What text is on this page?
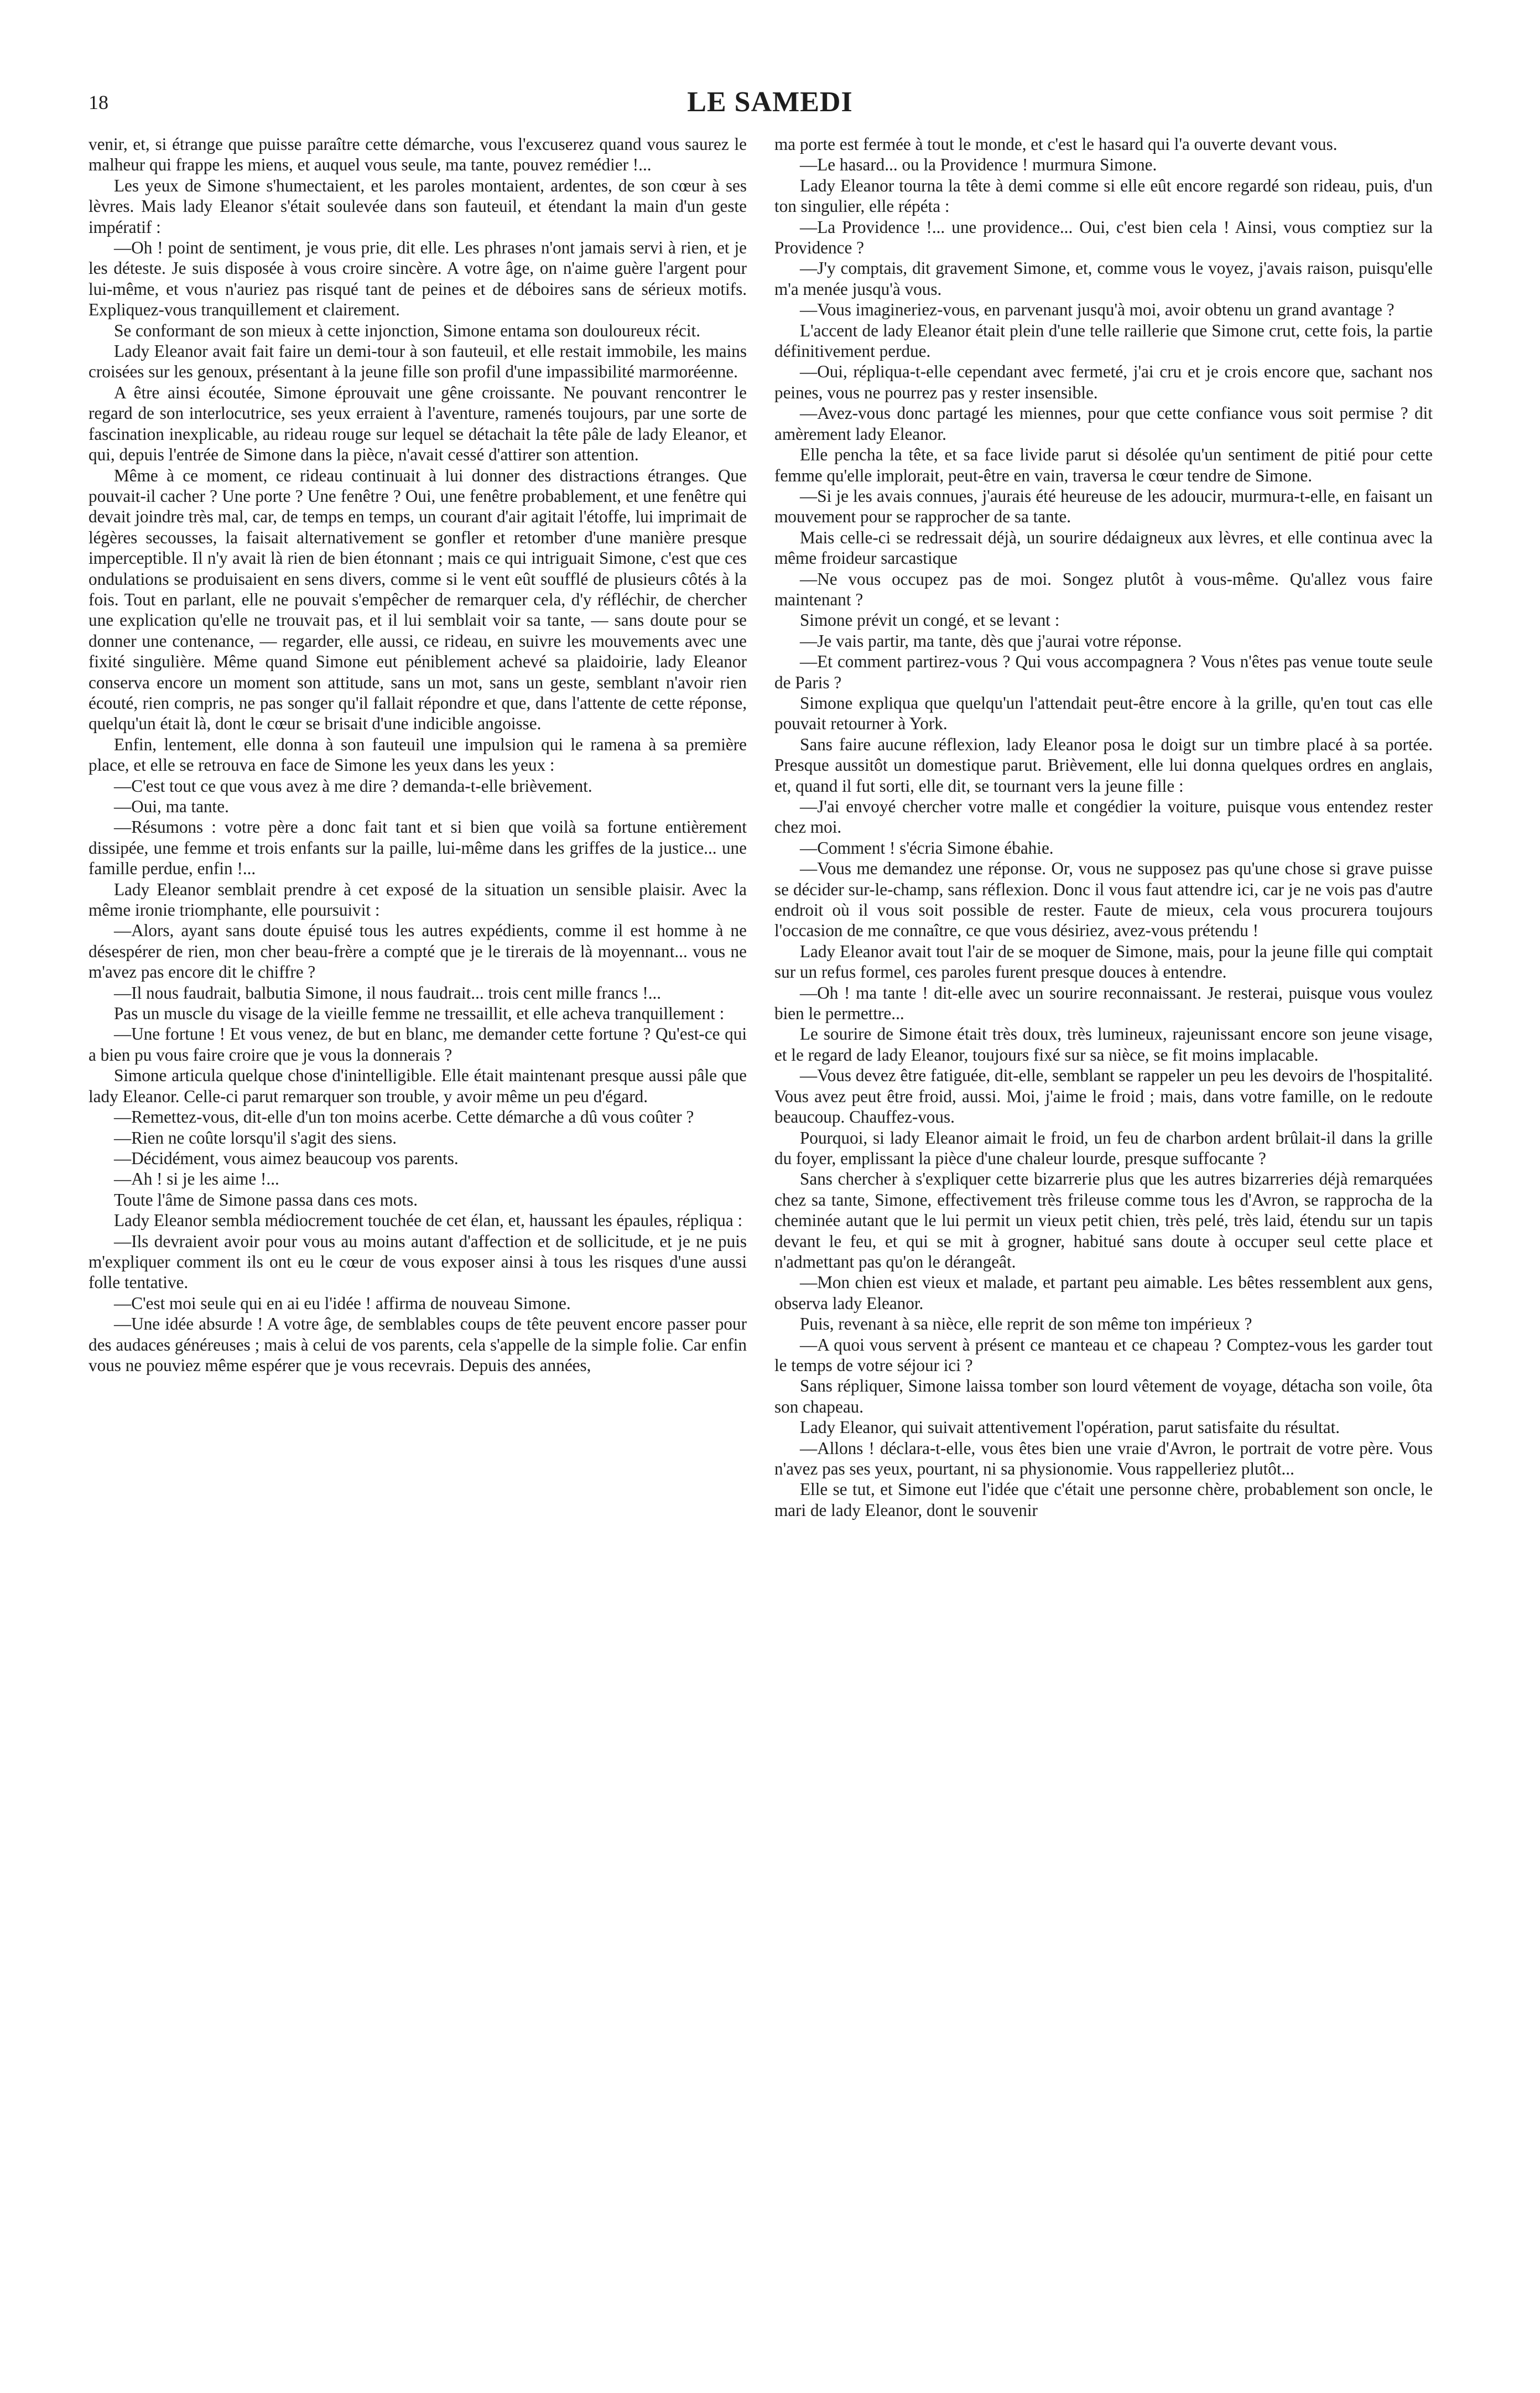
18	LE SAMEDI

venir, et, si étrange que puisse paraître cette démarche, vous l'excuserez quand vous saurez le malheur qui frappe les miens, et auquel vous seule, ma tante, pouvez remédier !...

Les yeux de Simone s'humectaient, et les paroles montaient, ardentes, de son cœur à ses lèvres. Mais lady Eleanor s'était soulevée dans son fauteuil, et étendant la main d'un geste impératif :

—Oh ! point de sentiment, je vous prie, dit elle. Les phrases n'ont jamais servi à rien, et je les déteste. Je suis disposée à vous croire sincère. A votre âge, on n'aime guère l'argent pour lui-même, et vous n'auriez pas risqué tant de peines et de déboires sans de sérieux motifs. Expliquez-vous tranquillement et clairement.

Se conformant de son mieux à cette injonction, Simone entama son douloureux récit.

Lady Eleanor avait fait faire un demi-tour à son fauteuil, et elle restait immobile, les mains croisées sur les genoux, présentant à la jeune fille son profil d'une impassibilité marmoréenne.

A être ainsi écoutée, Simone éprouvait une gêne croissante. Ne pouvant rencontrer le regard de son interlocutrice, ses yeux erraient à l'aventure, ramenés toujours, par une sorte de fascination inexplicable, au rideau rouge sur lequel se détachait la tête pâle de lady Eleanor, et qui, depuis l'entrée de Simone dans la pièce, n'avait cessé d'attirer son attention.

Même à ce moment, ce rideau continuait à lui donner des distractions étranges. Que pouvait-il cacher ? Une porte ? Une fenêtre ? Oui, une fenêtre probablement, et une fenêtre qui devait joindre très mal, car, de temps en temps, un courant d'air agitait l'étoffe, lui imprimait de légères secousses, la faisait alternativement se gonfler et retomber d'une manière presque imperceptible. Il n'y avait là rien de bien étonnant ; mais ce qui intriguait Simone, c'est que ces ondulations se produisaient en sens divers, comme si le vent eût soufflé de plusieurs côtés à la fois. Tout en parlant, elle ne pouvait s'empêcher de remarquer cela, d'y réfléchir, de chercher une explication qu'elle ne trouvait pas, et il lui semblait voir sa tante, — sans doute pour se donner une contenance, — regarder, elle aussi, ce rideau, en suivre les mouvements avec une fixité singulière. Même quand Simone eut péniblement achevé sa plaidoirie, lady Eleanor conserva encore un moment son attitude, sans un mot, sans un geste, semblant n'avoir rien écouté, rien compris, ne pas songer qu'il fallait répondre et que, dans l'attente de cette réponse, quelqu'un était là, dont le cœur se brisait d'une indicible angoisse.

Enfin, lentement, elle donna à son fauteuil une impulsion qui le ramena à sa première place, et elle se retrouva en face de Simone les yeux dans les yeux :

—C'est tout ce que vous avez à me dire ? demanda-t-elle brièvement.

—Oui, ma tante.

—Résumons : votre père a donc fait tant et si bien que voilà sa fortune entièrement dissipée, une femme et trois enfants sur la paille, lui-même dans les griffes de la justice... une famille perdue, enfin !...

Lady Eleanor semblait prendre à cet exposé de la situation un sensible plaisir. Avec la même ironie triomphante, elle poursuivit :

—Alors, ayant sans doute épuisé tous les autres expédients, comme il est homme à ne désespérer de rien, mon cher beau-frère a compté que je le tirerais de là moyennant... vous ne m'avez pas encore dit le chiffre ?

—Il nous faudrait, balbutia Simone, il nous faudrait... trois cent mille francs !...

Pas un muscle du visage de la vieille femme ne tressaillit, et elle acheva tranquillement :

—Une fortune ! Et vous venez, de but en blanc, me demander cette fortune ? Qu'est-ce qui a bien pu vous faire croire que je vous la donnerais ?

Simone articula quelque chose d'inintelligible. Elle était maintenant presque aussi pâle que lady Eleanor. Celle-ci parut remarquer son trouble, y avoir même un peu d'égard.

—Remettez-vous, dit-elle d'un ton moins acerbe. Cette démarche a dû vous coûter ?

—Rien ne coûte lorsqu'il s'agit des siens.

—Décidément, vous aimez beaucoup vos parents.

—Ah ! si je les aime !...

Toute l'âme de Simone passa dans ces mots.

Lady Eleanor sembla médiocrement touchée de cet élan, et, haussant les épaules, répliqua :

—Ils devraient avoir pour vous au moins autant d'affection et de sollicitude, et je ne puis m'expliquer comment ils ont eu le cœur de vous exposer ainsi à tous les risques d'une aussi folle tentative.

—C'est moi seule qui en ai eu l'idée ! affirma de nouveau Simone.

—Une idée absurde ! A votre âge, de semblables coups de tête peuvent encore passer pour des audaces généreuses ; mais à celui de vos parents, cela s'appelle de la simple folie. Car enfin vous ne pouviez même espérer que je vous recevrais. Depuis des années,

ma porte est fermée à tout le monde, et c'est le hasard qui l'a ouverte devant vous.

—Le hasard... ou la Providence ! murmura Simone.

Lady Eleanor tourna la tête à demi comme si elle eût encore regardé son rideau, puis, d'un ton singulier, elle répéta :

—La Providence !... une providence... Oui, c'est bien cela ! Ainsi, vous comptiez sur la Providence ?

—J'y comptais, dit gravement Simone, et, comme vous le voyez, j'avais raison, puisqu'elle m'a menée jusqu'à vous.

—Vous imagineriez-vous, en parvenant jusqu'à moi, avoir obtenu un grand avantage ?

L'accent de lady Eleanor était plein d'une telle raillerie que Simone crut, cette fois, la partie définitivement perdue.

—Oui, répliqua-t-elle cependant avec fermeté, j'ai cru et je crois encore que, sachant nos peines, vous ne pourrez pas y rester insensible.

—Avez-vous donc partagé les miennes, pour que cette confiance vous soit permise ? dit amèrement lady Eleanor.

Elle pencha la tête, et sa face livide parut si désolée qu'un sentiment de pitié pour cette femme qu'elle implorait, peut-être en vain, traversa le cœur tendre de Simone.

—Si je les avais connues, j'aurais été heureuse de les adoucir, murmura-t-elle, en faisant un mouvement pour se rapprocher de sa tante.

Mais celle-ci se redressait déjà, un sourire dédaigneux aux lèvres, et elle continua avec la même froideur sarcastique

—Ne vous occupez pas de moi. Songez plutôt à vous-même. Qu'allez vous faire maintenant ?

Simone prévit un congé, et se levant :

—Je vais partir, ma tante, dès que j'aurai votre réponse.

—Et comment partirez-vous ? Qui vous accompagnera ? Vous n'êtes pas venue toute seule de Paris ?

Simone expliqua que quelqu'un l'attendait peut-être encore à la grille, qu'en tout cas elle pouvait retourner à York.

Sans faire aucune réflexion, lady Eleanor posa le doigt sur un timbre placé à sa portée. Presque aussitôt un domestique parut. Brièvement, elle lui donna quelques ordres en anglais, et, quand il fut sorti, elle dit, se tournant vers la jeune fille :

—J'ai envoyé chercher votre malle et congédier la voiture, puisque vous entendez rester chez moi.

—Comment ! s'écria Simone ébahie.

—Vous me demandez une réponse. Or, vous ne supposez pas qu'une chose si grave puisse se décider sur-le-champ, sans réflexion. Donc il vous faut attendre ici, car je ne vois pas d'autre endroit où il vous soit possible de rester. Faute de mieux, cela vous procurera toujours l'occasion de me connaître, ce que vous désiriez, avez-vous prétendu !

Lady Eleanor avait tout l'air de se moquer de Simone, mais, pour la jeune fille qui comptait sur un refus formel, ces paroles furent presque douces à entendre.

—Oh ! ma tante ! dit-elle avec un sourire reconnaissant. Je resterai, puisque vous voulez bien le permettre...

Le sourire de Simone était très doux, très lumineux, rajeunissant encore son jeune visage, et le regard de lady Eleanor, toujours fixé sur sa nièce, se fit moins implacable.

—Vous devez être fatiguée, dit-elle, semblant se rappeler un peu les devoirs de l'hospitalité. Vous avez peut être froid, aussi. Moi, j'aime le froid ; mais, dans votre famille, on le redoute beaucoup. Chauffez-vous.

Pourquoi, si lady Eleanor aimait le froid, un feu de charbon ardent brûlait-il dans la grille du foyer, emplissant la pièce d'une chaleur lourde, presque suffocante ?

Sans chercher à s'expliquer cette bizarrerie plus que les autres bizarreries déjà remarquées chez sa tante, Simone, effectivement très frileuse comme tous les d'Avron, se rapprocha de la cheminée autant que le lui permit un vieux petit chien, très pelé, très laid, étendu sur un tapis devant le feu, et qui se mit à grogner, habitué sans doute à occuper seul cette place et n'admettant pas qu'on le dérangeât.

—Mon chien est vieux et malade, et partant peu aimable. Les bêtes ressemblent aux gens, observa lady Eleanor.

Puis, revenant à sa nièce, elle reprit de son même ton impérieux ?

—A quoi vous servent à présent ce manteau et ce chapeau ? Comptez-vous les garder tout le temps de votre séjour ici ?

Sans répliquer, Simone laissa tomber son lourd vêtement de voyage, détacha son voile, ôta son chapeau.

Lady Eleanor, qui suivait attentivement l'opération, parut satisfaite du résultat.

—Allons ! déclara-t-elle, vous êtes bien une vraie d'Avron, le portrait de votre père. Vous n'avez pas ses yeux, pourtant, ni sa physionomie. Vous rappelleriez plutôt...

Elle se tut, et Simone eut l'idée que c'était une personne chère, probablement son oncle, le mari de lady Eleanor, dont le souvenir
